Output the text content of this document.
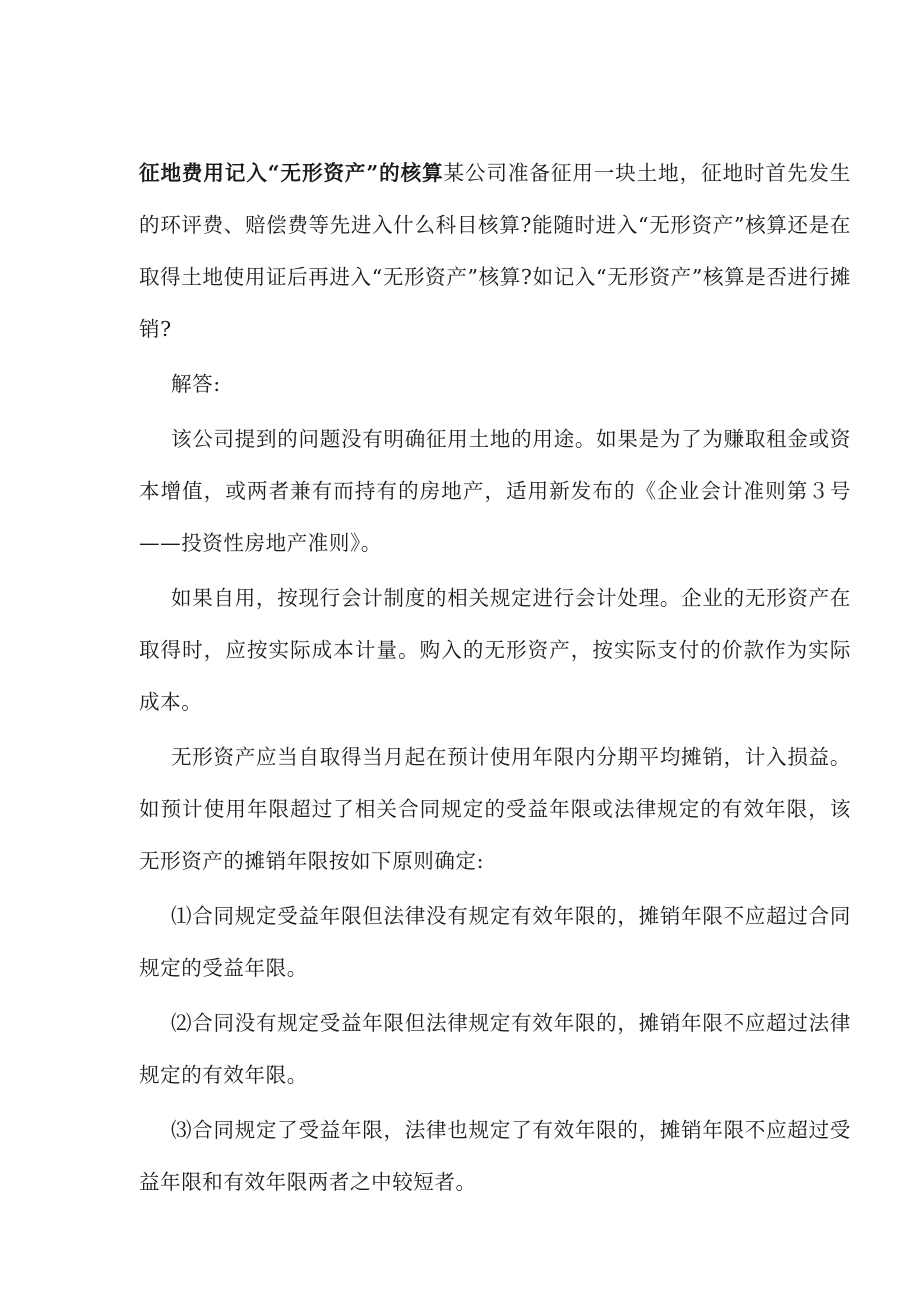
征地费用记入“无形资产”的核算某公司准备征用一块土地，征地时首先发生的环评费、赔偿费等先进入什么科目核算?能随时进入“无形资产”核算还是在取得土地使用证后再进入“无形资产”核算?如记入“无形资产”核算是否进行摊销?

解答:

该公司提到的问题没有明确征用土地的用途。如果是为了为赚取租金或资本增值，或两者兼有而持有的房地产，适用新发布的《企业会计准则第３号——投资性房地产准则》。

如果自用，按现行会计制度的相关规定进行会计处理。企业的无形资产在取得时，应按实际成本计量。购入的无形资产，按实际支付的价款作为实际成本。

无形资产应当自取得当月起在预计使用年限内分期平均摊销，计入损益。如预计使用年限超过了相关合同规定的受益年限或法律规定的有效年限，该无形资产的摊销年限按如下原则确定:

⑴合同规定受益年限但法律没有规定有效年限的，摊销年限不应超过合同规定的受益年限。

⑵合同没有规定受益年限但法律规定有效年限的，摊销年限不应超过法律规定的有效年限。

⑶合同规定了受益年限，法律也规定了有效年限的，摊销年限不应超过受益年限和有效年限两者之中较短者。
